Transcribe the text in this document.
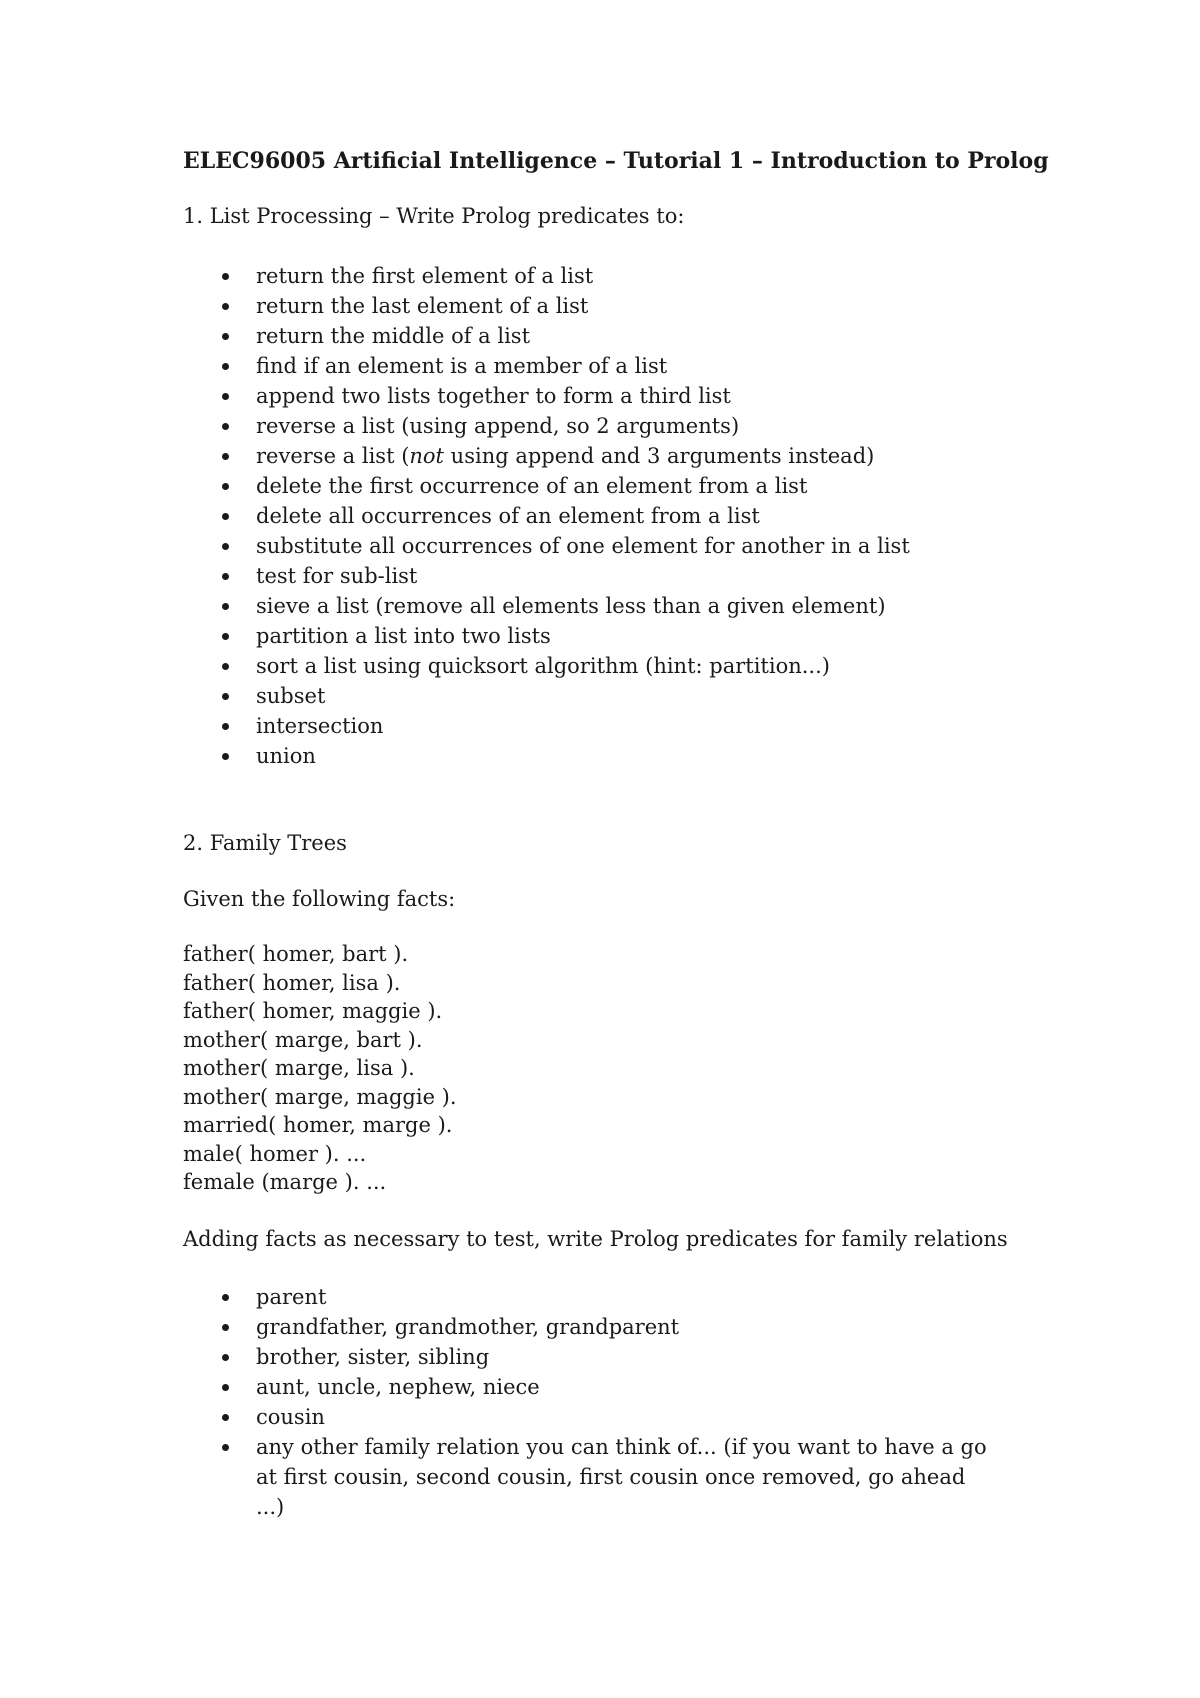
ELEC96005 Artificial Intelligence – Tutorial 1 – Introduction to Prolog
1. List Processing – Write Prolog predicates to:
return the first element of a list
return the last element of a list
return the middle of a list
find if an element is a member of a list
append two lists together to form a third list
reverse a list (using append, so 2 arguments)
reverse a list (not using append and 3 arguments instead)
delete the first occurrence of an element from a list
delete all occurrences of an element from a list
substitute all occurrences of one element for another in a list
test for sub-list
sieve a list (remove all elements less than a given element)
partition a list into two lists
sort a list using quicksort algorithm (hint: partition...)
subset
intersection
union
2. Family Trees
Given the following facts:
father( homer, bart ).
father( homer, lisa ).
father( homer, maggie ).
mother( marge, bart ).
mother( marge, lisa ).
mother( marge, maggie ).
married( homer, marge ).
male( homer ). ...
female (marge ). ...
Adding facts as necessary to test, write Prolog predicates for family relations
parent
grandfather, grandmother, grandparent
brother, sister, sibling
aunt, uncle, nephew, niece
cousin
any other family relation you can think of... (if you want to have a go at first cousin, second cousin, first cousin once removed, go ahead ...)
